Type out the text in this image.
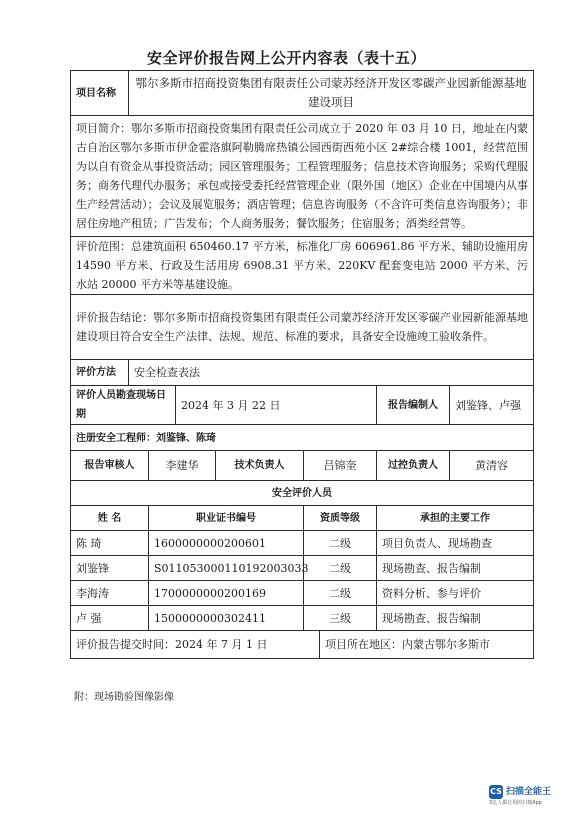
安全评价报告网上公开内容表（表十五）
项目名称	鄂尔多斯市招商投资集团有限责任公司蒙苏经济开发区零碳产业园新能源基地建设项目							

项目简介：鄂尔多斯市招商投资集团有限责任公司成立于 2020 年 03 月 10 日，地址在内蒙古自治区鄂尔多斯市伊金霍洛旗阿勒腾席热镇公园西街西苑小区 2#综合楼 1001，经营范围为以自有资金从事投资活动；园区管理服务；工程管理服务；信息技术咨询服务；采购代理服务；商务代理代办服务；承包或接受委托经营管理企业（限外国（地区）企业在中国境内从事生产经营活动）；会议及展览服务；酒店管理；信息咨询服务（不含许可类信息咨询服务）；非居住房地产租赁；广告发布；个人商务服务；餐饮服务；住宿服务；酒类经营等。								

评价范围：总建筑面积 650460.17 平方米，标准化厂房 606961.86 平方米、辅助设施用房 14590 平方米、行政及生活用房 6908.31 平方米、220KV 配套变电站 2000 平方米、污水站 20000 平方米等基建设施。								

评价报告结论：鄂尔多斯市招商投资集团有限责任公司蒙苏经济开发区零碳产业园新能源基地建设项目符合安全生产法律、法规、规范、标准的要求，具备安全设施竣工验收条件。								

评价方法	安全检查表法							
评价人员勘查现场日期			2024 年 3 月 22 日				报告编制人	刘鉴锋、卢强
注册安全工程师：刘鉴锋、陈琦								
报告审核人		李建华		技术负责人	吕锦奎		过控负责人	黄清容
安全评价人员								
姓 名		职业证书编号			资质等级		承担的主要工作	
陈 琦		1600000000200601			二级		项目负责人、现场勘查	
刘鉴锋		S011053000110192003033			二级		现场勘查、报告编制	
李海涛		1700000000200169			二级		资料分析、参与评价	
卢 强		1500000000302411			三级		现场勘查、报告编制	
评价报告提交时间：2024 年 7 月 1 日						项目所在地区：内蒙古鄂尔多斯市		
附：现场勘验图像影像
CS 扫描全能王
3亿人都在用的扫描App
